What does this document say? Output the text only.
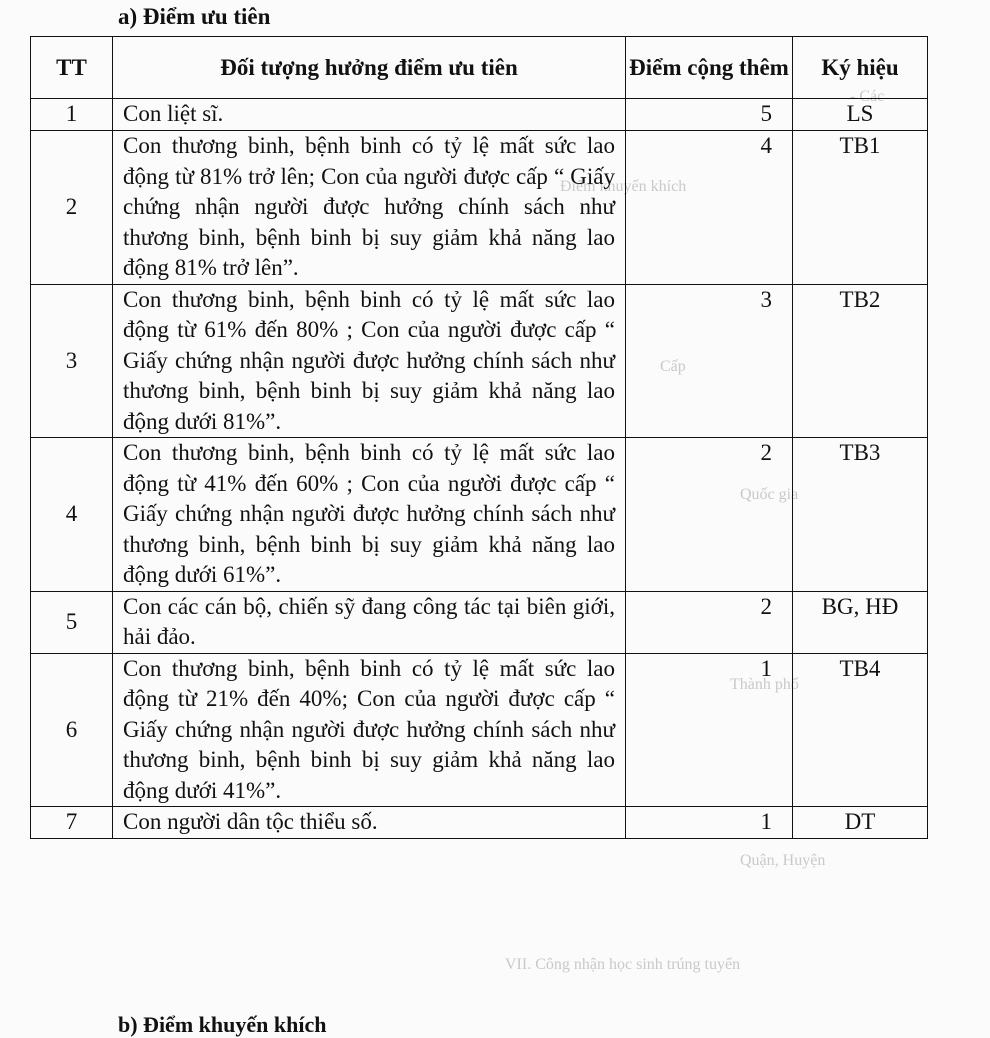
- Các
Điểm khuyến khích
Cấp
Quốc gia
Thành phố
Quận, Huyện
VII. Công nhận học sinh trúng tuyển
a) Điểm ưu tiên
TT	Đối tượng hưởng điểm ưu tiên	Điểm cộng thêm	Ký hiệu
1	Con liệt sĩ.	5	LS
2	Con thương binh, bệnh binh có tỷ lệ mất sức lao động từ 81% trở lên; Con của người được cấp “ Giấy chứng nhận người được hưởng chính sách như thương binh, bệnh binh bị suy giảm khả năng lao động 81% trở lên”.	4	TB1
3	Con thương binh, bệnh binh có tỷ lệ mất sức lao động từ 61% đến 80% ; Con của người được cấp “ Giấy chứng nhận người được hưởng chính sách như thương binh, bệnh binh bị suy giảm khả năng lao động dưới 81%”.	3	TB2
4	Con thương binh, bệnh binh có tỷ lệ mất sức lao động từ 41% đến 60% ; Con của người được cấp “ Giấy chứng nhận người được hưởng chính sách như thương binh, bệnh binh bị suy giảm khả năng lao động dưới 61%”.	2	TB3
5	Con các cán bộ, chiến sỹ đang công tác tại biên giới, hải đảo.	2	BG, HĐ
6	Con thương binh, bệnh binh có tỷ lệ mất sức lao động từ 21% đến 40%; Con của người được cấp “ Giấy chứng nhận người được hưởng chính sách như thương binh, bệnh binh bị suy giảm khả năng lao động dưới 41%”.	1	TB4
7	Con người dân tộc thiểu số.	1	DT
b) Điểm khuyến khích
